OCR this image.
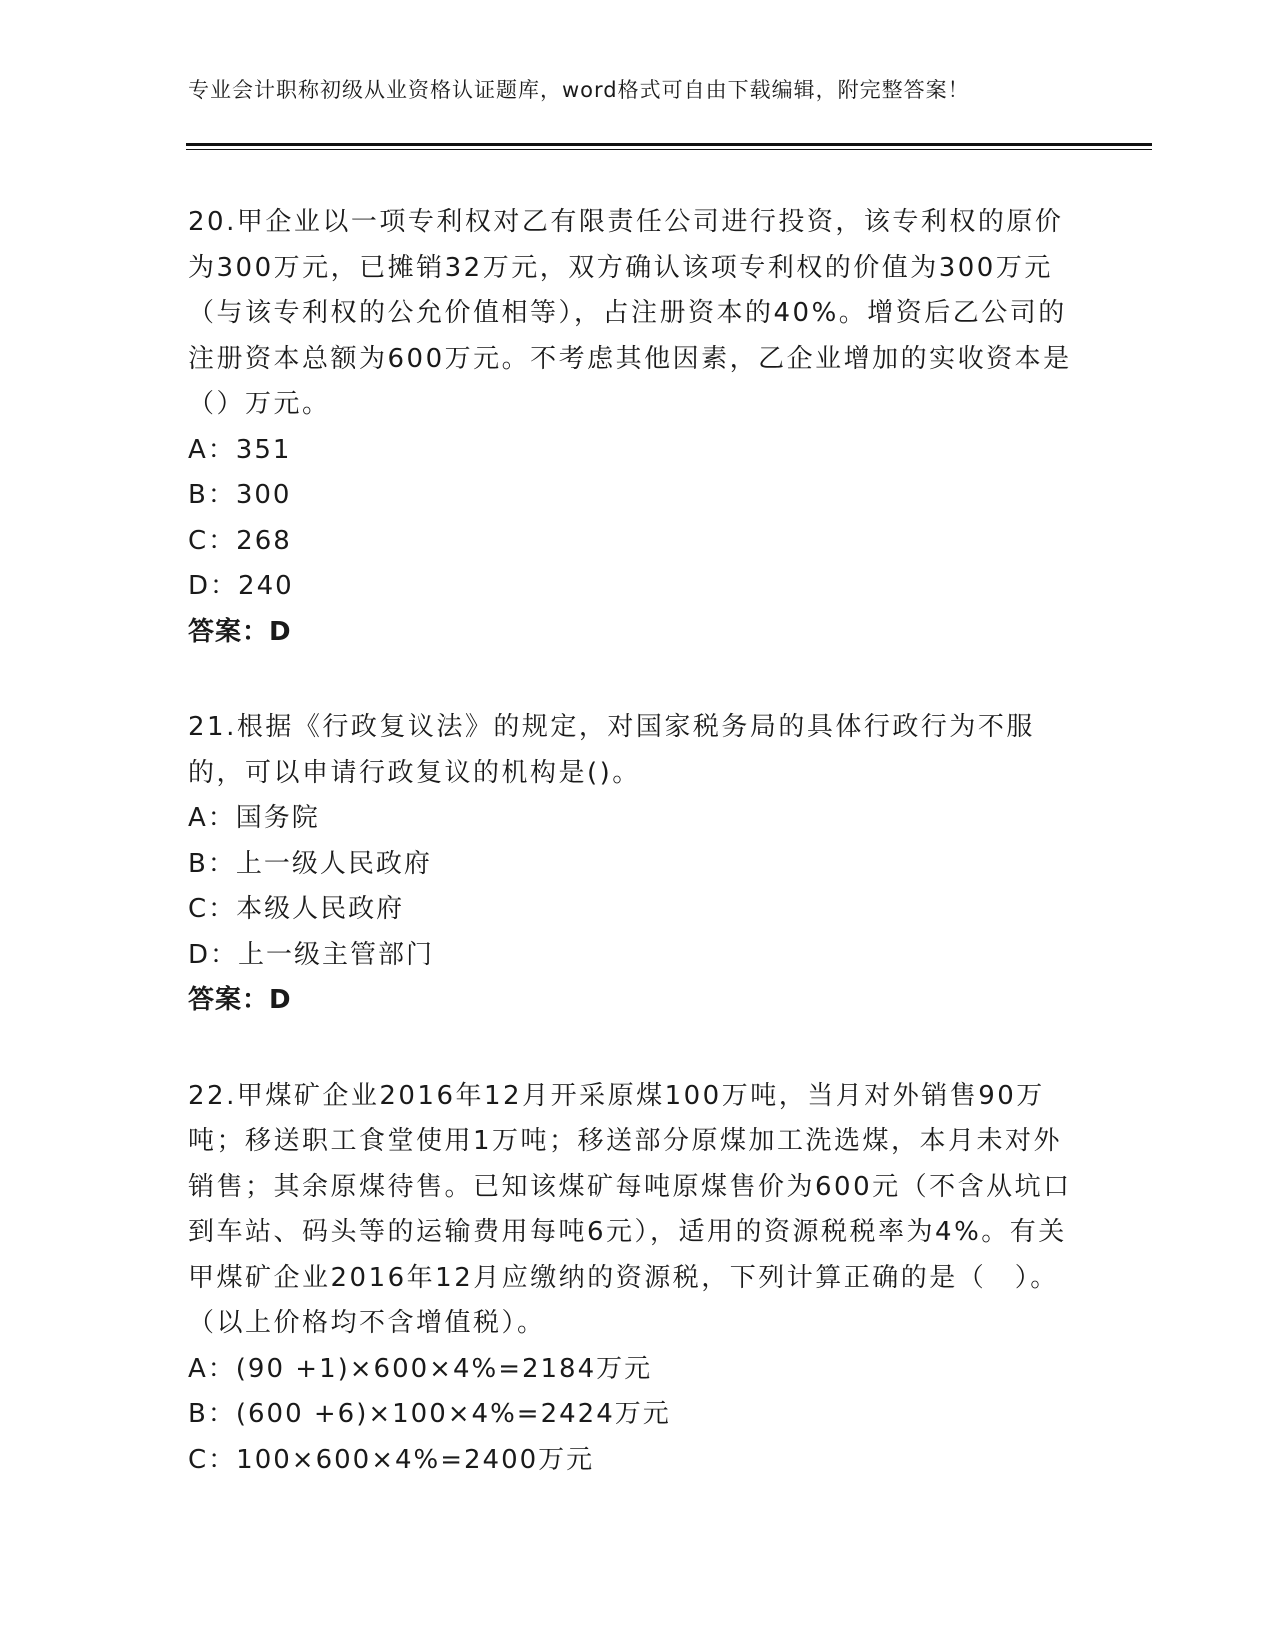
专业会计职称初级从业资格认证题库，word格式可自由下载编辑，附完整答案！

20.甲企业以一项专利权对乙有限责任公司进行投资，该专利权的原价为300万元，已摊销32万元，双方确认该项专利权的价值为300万元（与该专利权的公允价值相等），占注册资本的40%。增资后乙公司的注册资本总额为600万元。不考虑其他因素，乙企业增加的实收资本是（）万元。

A：351
B：300
C：268
D：240
答案：D

21.根据《行政复议法》的规定，对国家税务局的具体行政行为不服的，可以申请行政复议的机构是()。

A：国务院
B：上一级人民政府
C：本级人民政府
D：上一级主管部门
答案：D

22.甲煤矿企业2016年12月开采原煤100万吨，当月对外销售90万吨；移送职工食堂使用1万吨；移送部分原煤加工洗选煤，本月未对外销售；其余原煤待售。已知该煤矿每吨原煤售价为600元（不含从坑口到车站、码头等的运输费用每吨6元），适用的资源税税率为4%。有关甲煤矿企业2016年12月应缴纳的资源税，下列计算正确的是（　）。（以上价格均不含增值税）。

A：(90 +1)×600×4%=2184万元
B：(600 +6)×100×4%=2424万元
C：100×600×4%=2400万元
